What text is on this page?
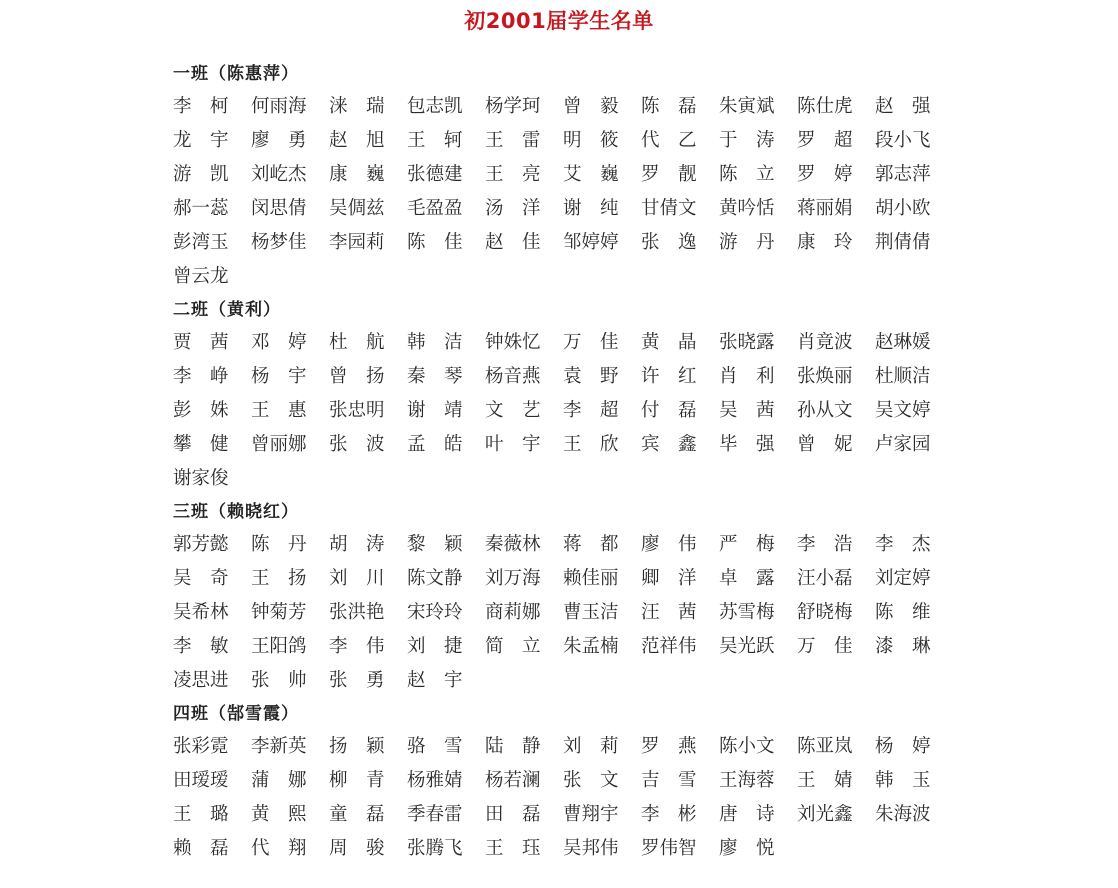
初2001届学生名单
一班（陈惠萍）
李柯 何雨海	涞瑞 包志凯	杨学珂	曾毅 陈磊 朱寅斌	陈仕虎	赵强
龙宇 廖勇 赵旭 王轲 王雷 明筱 代乙 于涛 罗超 段小飞
游凯 刘屹杰	康巍 张德建	王亮 艾巍 罗靓 陈立 罗婷 郭志萍
郝一蕊	闵思倩	吴倜兹	毛盈盈	汤洋 谢纯 甘倩文	黄吟恬	蒋丽娟	胡小欧
彭湾玉	杨梦佳	李园莉	陈佳 赵佳 邹婷婷	张逸 游丹 康玲 荆倩倩
曾云龙
二班（黄利）
贾茜 邓婷 杜航 韩洁 钟姝忆	万佳 黄晶 张晓露	肖竟波	赵琳媛
李峥 杨宇 曾扬 秦琴 杨音燕	袁野 许红 肖利 张焕丽	杜顺洁
彭姝 王惠 张忠明	谢靖 文艺 李超 付磊 吴茜 孙从文	吴文婷
攀健 曾丽娜	张波 孟皓 叶宇 王欣 宾鑫 毕强 曾妮 卢家园
谢家俊
三班（赖晓红）
郭芳懿	陈丹 胡涛 黎颖 秦薇林	蒋都 廖伟 严梅 李浩 李杰
吴奇 王扬 刘川 陈文静	刘万海	赖佳丽	卿洋 卓露 汪小磊	刘定婷
吴希林	钟菊芳	张洪艳	宋玲玲	商莉娜	曹玉洁	汪茜 苏雪梅	舒晓梅	陈维
李敏 王阳鸽	李伟 刘捷 简立 朱孟楠	范祥伟	吴光跃	万佳 漆琳
凌思进	张帅 张勇 赵宇
四班（郜雪霞）
张彩霓	李新英	扬颖 骆雪 陆静 刘莉 罗燕 陈小文	陈亚岚	杨婷
田瑷瑷	蒲娜 柳青 杨雅婧	杨若澜	张文 吉雪 王海蓉	王婧 韩玉
王璐 黄熙 童磊 季春雷	田磊 曹翔宇	李彬 唐诗 刘光鑫	朱海波
赖磊 代翔 周骏 张腾飞	王珏 吴邦伟	罗伟智	廖悦
